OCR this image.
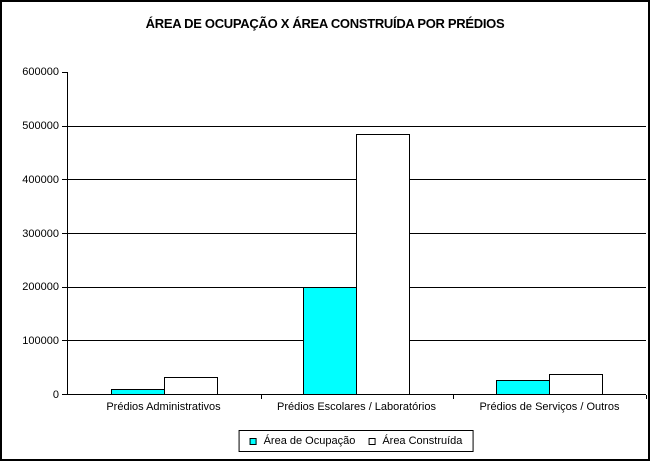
ÁREA DE OCUPAÇÃO X ÁREA CONSTRUÍDA POR PRÉDIOS
0
100000
200000
300000
400000
500000
600000
Prédios Administrativos	Prédios Escolares / Laboratórios	Prédios de Serviços / Outros
Área de Ocupação Área Construída
